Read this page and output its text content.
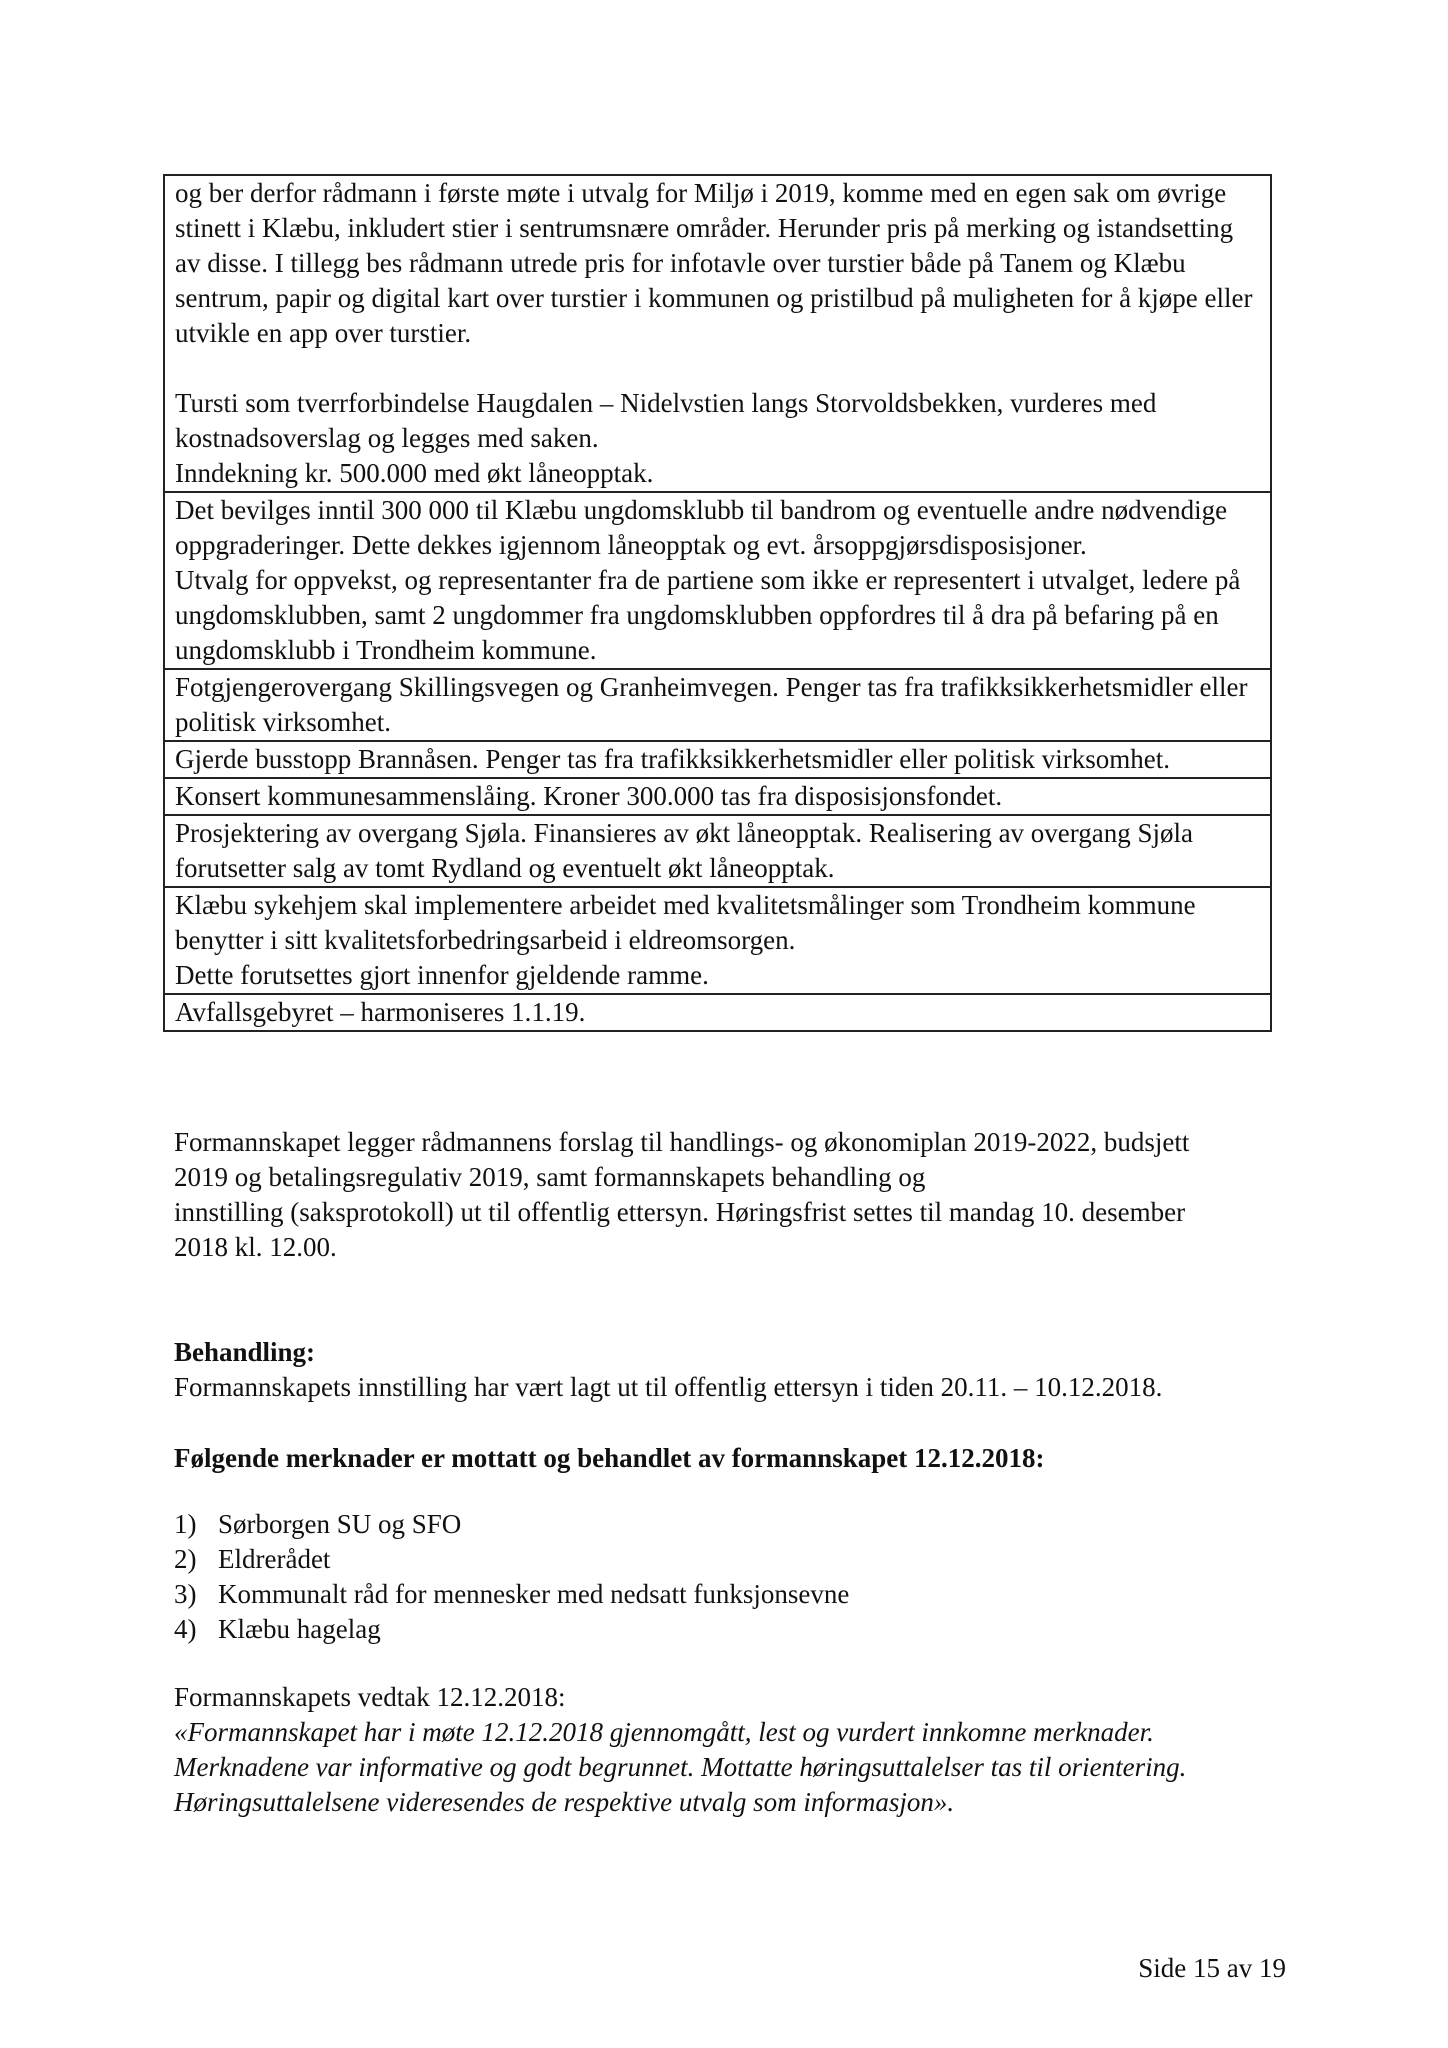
og ber derfor rådmann i første møte i utvalg for Miljø i 2019, komme med en egen sak om øvrige stinett i Klæbu, inkludert stier i sentrumsnære områder. Herunder pris på merking og istandsetting av disse. I tillegg bes rådmann utrede pris for infotavle over turstier både på Tanem og Klæbu sentrum, papir og digital kart over turstier i kommunen og pristilbud på muligheten for å kjøpe eller utvikle en app over turstier.

Tursti som tverrforbindelse Haugdalen – Nidelvstien langs Storvoldsbekken, vurderes med kostnadsoverslag og legges med saken.

Inndekning kr. 500.000 med økt låneopptak.

Det bevilges inntil 300 000 til Klæbu ungdomsklubb til bandrom og eventuelle andre nødvendige oppgraderinger. Dette dekkes igjennom låneopptak og evt. årsoppgjørsdisposisjoner.

Utvalg for oppvekst, og representanter fra de partiene som ikke er representert i utvalget, ledere på ungdomsklubben, samt 2 ungdommer fra ungdomsklubben oppfordres til å dra på befaring på en ungdomsklubb i Trondheim kommune.

Fotgjengerovergang Skillingsvegen og Granheimvegen. Penger tas fra trafikksikkerhetsmidler eller politisk virksomhet.

Gjerde busstopp Brannåsen. Penger tas fra trafikksikkerhetsmidler eller politisk virksomhet.

Konsert kommunesammenslåing. Kroner 300.000 tas fra disposisjonsfondet.

Prosjektering av overgang Sjøla. Finansieres av økt låneopptak. Realisering av overgang Sjøla forutsetter salg av tomt Rydland og eventuelt økt låneopptak.

Klæbu sykehjem skal implementere arbeidet med kvalitetsmålinger som Trondheim kommune benytter i sitt kvalitetsforbedringsarbeid i eldreomsorgen.

Dette forutsettes gjort innenfor gjeldende ramme.

Avfallsgebyret – harmoniseres 1.1.19.

Formannskapet legger rådmannens forslag til handlings- og økonomiplan 2019-2022, budsjett
2019 og betalingsregulativ 2019, samt formannskapets behandling og
innstilling (saksprotokoll) ut til offentlig ettersyn. Høringsfrist settes til mandag 10. desember
2018 kl. 12.00.
Behandling:
Formannskapets innstilling har vært lagt ut til offentlig ettersyn i tiden 20.11. – 10.12.2018.
Følgende merknader er mottatt og behandlet av formannskapet 12.12.2018:
1) Sørborgen SU og SFO
2) Eldrerådet
3) Kommunalt råd for mennesker med nedsatt funksjonsevne
4) Klæbu hagelag
Formannskapets vedtak 12.12.2018:
«Formannskapet har i møte 12.12.2018 gjennomgått, lest og vurdert innkomne merknader.
Merknadene var informative og godt begrunnet. Mottatte høringsuttalelser tas til orientering.
Høringsuttalelsene videresendes de respektive utvalg som informasjon».
Side 15 av 19
